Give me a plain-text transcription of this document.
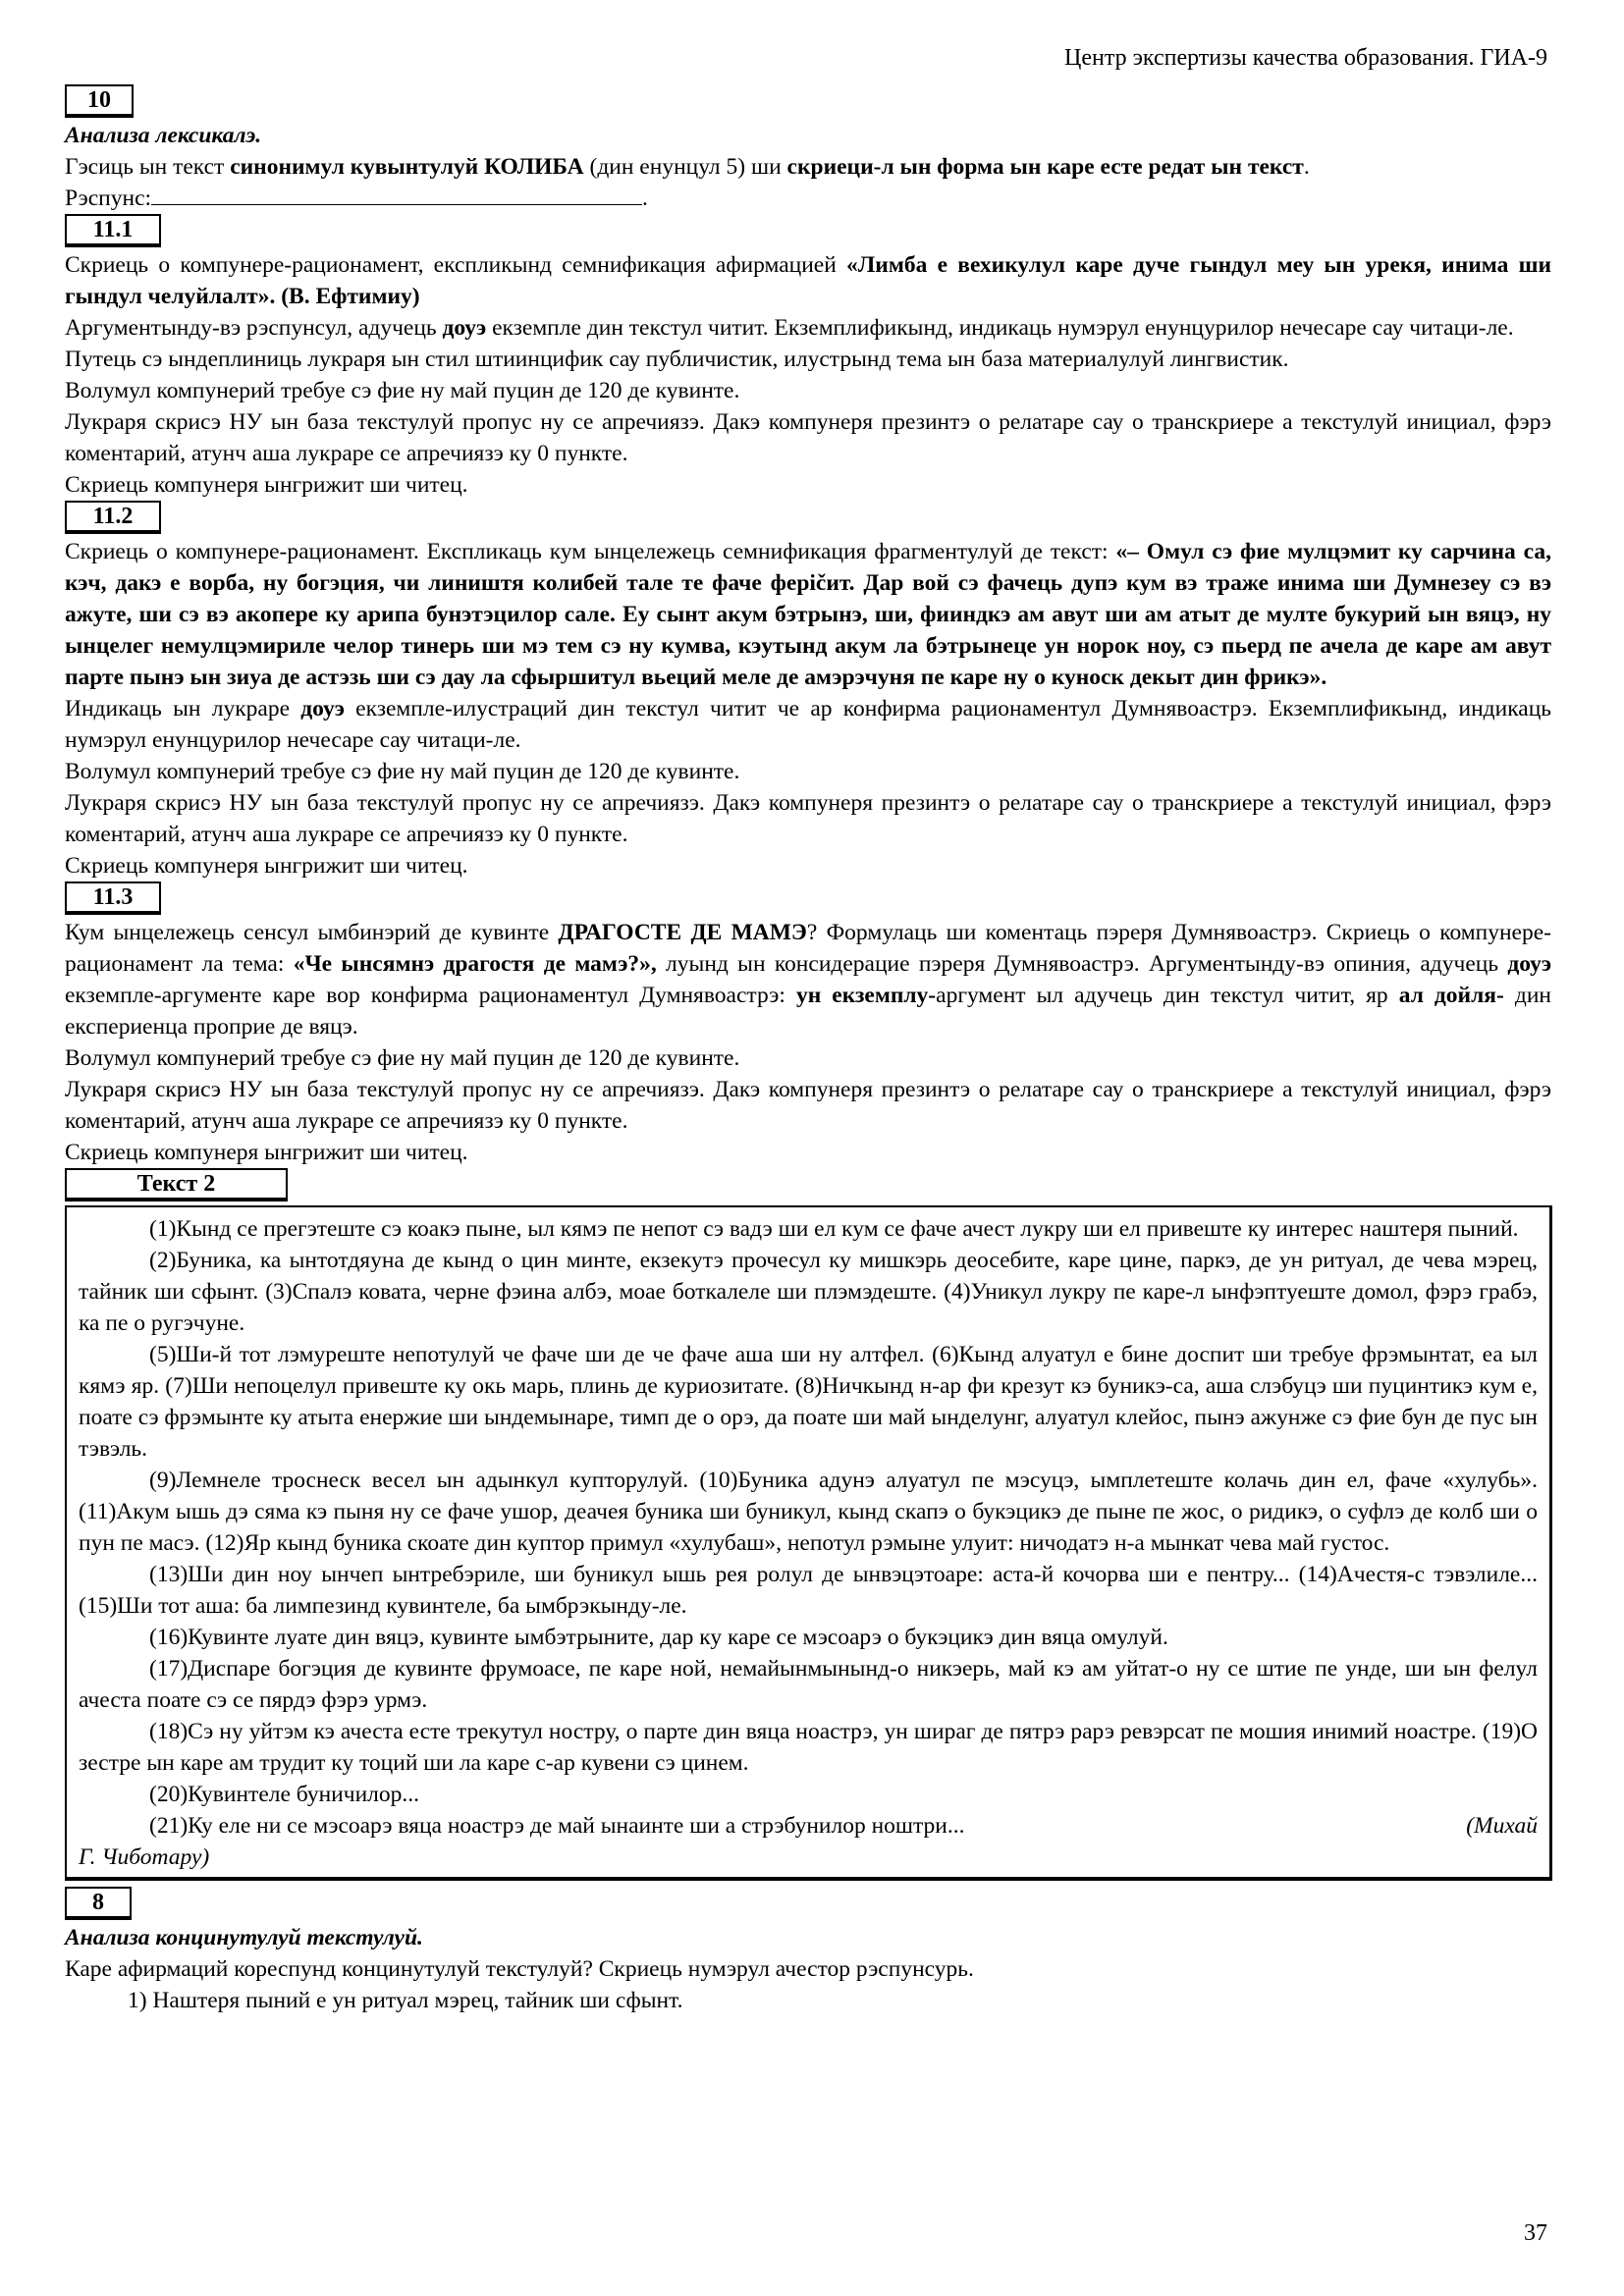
Центр экспертизы качества образования. ГИА-9
10

Анализа лексикалэ.

Гэсиць ын текст синонимул кувынтулуй КОЛИБА (дин енунцул 5) ши скриеци-л ын форма ын каре есте редат ын текст.

Рэспунс:	.

11.1

Скриець о компунере-рационамент, експликынд семнификация афирмацией «Лимба е вехикулул каре дуче гындул меу ын урекя, инима ши гындул челуйлалт». (В. Ефтимиу)

Аргументынду-вэ рэспунсул, адучець доуэ екземпле дин текстул читит. Екземплификынд, индикаць нумэрул енунцурилор нечесаре сау читаци-ле.

Путець сэ ындеплиниць лукраря ын стил штиинцифик сау публичистик, илустрынд тема ын база материалулуй лингвистик.

Волумул компунерий требуе сэ фие ну май пуцин де 120 де кувинте.

Лукраря скрисэ НУ ын база текстулуй пропус ну се апречиязэ. Дакэ компунеря презинтэ о релатаре сау о транскриере а текстулуй инициал, фэрэ коментарий, атунч аша лукраре се апречиязэ ку 0 пункте.

Скриець компунеря ынгрижит ши читец.

11.2

Скриець о компунере-рационамент. Експликаць кум ынцележець семнификация фрагментулуй де текст: «– Омул сэ фие мулцэмит ку сарчина са, кэч, дакэ е ворба, ну богэция, чи лиништя колибей тале те фаче ферičит. Дар вой сэ фачець дупэ кум вэ траже инима ши Думнезеу сэ вэ ажуте, ши сэ вэ акопере ку арипа бунэтэцилор сале. Еу сынт акум бэтрынэ, ши, фииндкэ ам авут ши ам атыт де мулте букурий ын вяцэ, ну ынцелег немулцэмириле челор тинерь ши мэ тем сэ ну кумва, кэутынд акум ла бэтрынеце ун норок ноу, сэ пьерд пе ачела де каре ам авут парте пынэ ын зиуа де астэзь ши сэ дау ла сфыршитул вьеций меле де амэрэчуня пе каре ну о куноск декыт дин фрикэ».

Индикаць ын лукраре доуэ екземпле-илустраций дин текстул читит че ар конфирма рационаментул Думнявоастрэ. Екземплификынд, индикаць нумэрул енунцурилор нечесаре сау читаци-ле.

Волумул компунерий требуе сэ фие ну май пуцин де 120 де кувинте.

Лукраря скрисэ НУ ын база текстулуй пропус ну се апречиязэ. Дакэ компунеря презинтэ о релатаре сау о транскриере а текстулуй инициал, фэрэ коментарий, атунч аша лукраре се апречиязэ ку 0 пункте.

Скриець компунеря ынгрижит ши читец.

11.3

Кум ынцележець сенсул ымбинэрий де кувинте ДРАГОСТЕ ДЕ МАМЭ? Формулаць ши коментаць пэреря Думнявоастрэ. Скриець о компунере-рационамент ла тема: «Че ынсямнэ драгостя де мамэ?», луынд ын консидерацие пэреря Думнявоастрэ. Аргументынду-вэ опиния, адучець доуэ екземпле-аргументе каре вор конфирма рационаментул Думнявоастрэ: ун екземплу-аргумент ыл адучець дин текстул читит, яр ал дойля- дин експериенца проприе де вяцэ.

Волумул компунерий требуе сэ фие ну май пуцин де 120 де кувинте.

Лукраря скрисэ НУ ын база текстулуй пропус ну се апречиязэ. Дакэ компунеря презинтэ о релатаре сау о транскриере а текстулуй инициал, фэрэ коментарий, атунч аша лукраре се апречиязэ ку 0 пункте.

Скриець компунеря ынгрижит ши читец.

Текст 2

(1)Кынд се прегэтеште сэ коакэ пыне, ыл кямэ пе непот сэ вадэ ши ел кум се фаче ачест лукру ши ел привеште ку интерес наштеря пыний.

(2)Буника, ка ынтотдяуна де кынд о цин минте, екзекутэ прочесул ку мишкэрь деосебите, каре цине, паркэ, де ун ритуал, де чева мэрец, тайник ши сфынт. (3)Спалэ ковата, черне фэина албэ, моае боткалеле ши плэмэдеште. (4)Уникул лукру пе каре-л ынфэптуеште домол, фэрэ грабэ, ка пе о ругэчуне.

(5)Ши-й тот лэмуреште непотулуй че фаче ши де че фаче аша ши ну алтфел. (6)Кынд алуатул е бине доспит ши требуе фрэмынтат, еа ыл кямэ яр. (7)Ши непоцелул привеште ку окь марь, плинь де куриозитате. (8)Ничкынд н-ар фи крезут кэ буникэ-са, аша слэбуцэ ши пуцинтикэ кум е, поате сэ фрэмынте ку атыта енержие ши ындемынаре, тимп де о орэ, да поате ши май ынделунг, алуатул клейос, пынэ ажунже сэ фие бун де пус ын тэвэль.

(9)Лемнеле троснеск весел ын адынкул купторулуй. (10)Буника адунэ алуатул пе мэсуцэ, ымплетеште колачь дин ел, фаче «хулубь». (11)Акум ышь дэ сяма кэ пыня ну се фаче ушор, деачея буника ши буникул, кынд скапэ о букэцикэ де пыне пе жос, о ридикэ, о суфлэ де колб ши о пун пе масэ. (12)Яр кынд буника скоате дин куптор примул «хулубаш», непотул рэмыне улуит: ничодатэ н-а мынкат чева май густос.

(13)Ши дин ноу ынчеп ынтребэриле, ши буникул ышь рея ролул де ынвэцэтоаре: аста-й кочорва ши е пентру... (14)Ачестя-с тэвэлиле... (15)Ши тот аша: ба лимпезинд кувинтеле, ба ымбрэкынду-ле.

(16)Кувинте луате дин вяцэ, кувинте ымбэтрыните, дар ку каре се мэсоарэ о букэцикэ дин вяца омулуй.

(17)Диспаре богэция де кувинте фрумоасе, пе каре ной, немайынмынынд-о никэерь, май кэ ам уйтат-о ну се штие пе унде, ши ын фелул ачеста поате сэ се пярдэ фэрэ урмэ.

(18)Сэ ну уйтэм кэ ачеста есте трекутул ностру, о парте дин вяца ноастрэ, ун шираг де пятрэ рарэ ревэрсат пе мошия инимий ноастре. (19)О зестре ын каре ам трудит ку тоций ши ла каре с-ар кувени сэ цинем.

(20)Кувинтеле буничилор...

(21)Ку еле ни се мэсоарэ вяца ноастрэ де май ынаинте ши а стрэбунилор ноштри...	(Михай

Г. Чиботару)

8

Анализа концинутулуй текстулуй.

Каре афирмаций кореспунд концинутулуй текстулуй? Скриець нумэрул ачестор рэспунсурь.

1) Наштеря пыний е ун ритуал мэрец, тайник ши сфынт.

37
